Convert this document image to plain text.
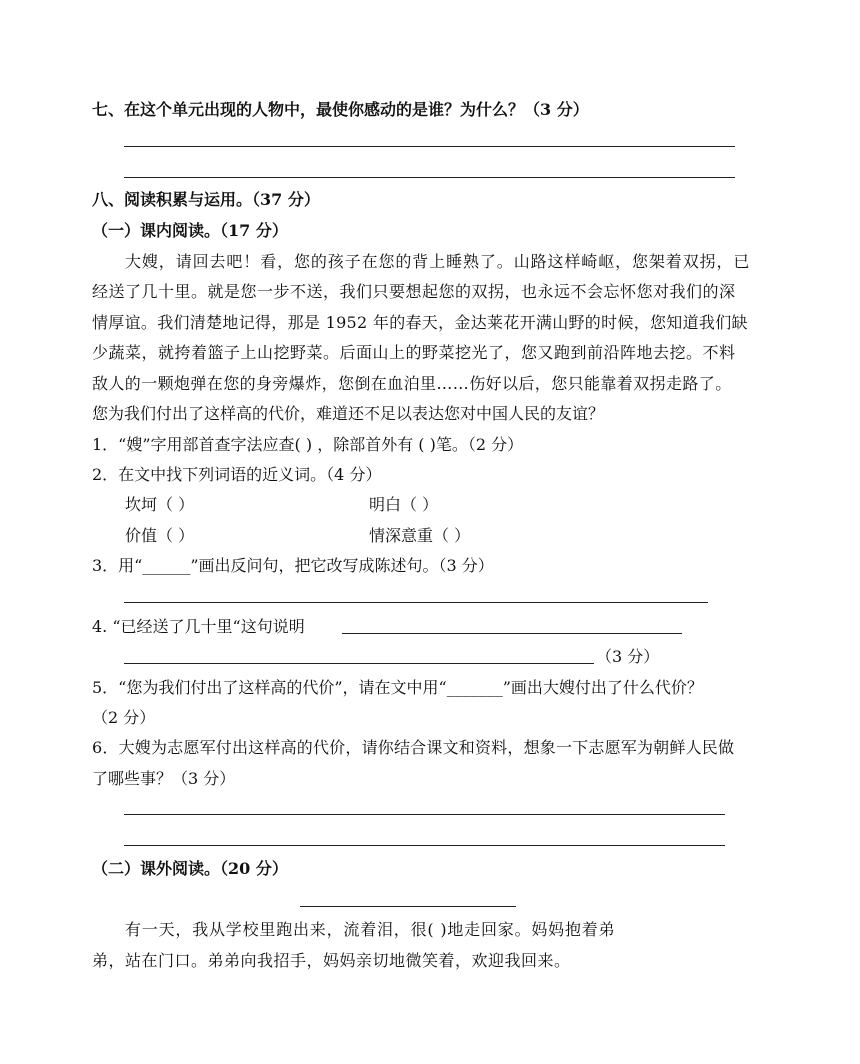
七、在这个单元出现的人物中，最使你感动的是谁？为什么？（3 分）
八、阅读积累与运用。（37 分）
（一）课内阅读。（17 分）
大嫂，请回去吧！看，您的孩子在您的背上睡熟了。山路这样崎岖，您架着双拐，已
经送了几十里。就是您一步不送，我们只要想起您的双拐，也永远不会忘怀您对我们的深
情厚谊。我们清楚地记得，那是 1952 年的春天，金达莱花开满山野的时候，您知道我们缺
少蔬菜，就挎着篮子上山挖野菜。后面山上的野菜挖光了，您又跑到前沿阵地去挖。不料
敌人的一颗炮弹在您的身旁爆炸，您倒在血泊里……伤好以后，您只能靠着双拐走路了。
您为我们付出了这样高的代价，难道还不足以表达您对中国人民的友谊？
1．“嫂”字用部首查字法应查( ) ，除部首外有 ( )笔。（2 分）
2．在文中找下列词语的近义词。（4 分）
坎坷（ ）	明白（ ）
价值（ ）	情深意重（ ）
3．用“______”画出反问句，把它改写成陈述句。（3 分）
4. “已经送了几十里“这句说明
（3 分）
5．“您为我们付出了这样高的代价”，请在文中用“_______”画出大嫂付出了什么代价？
（2 分）
6．大嫂为志愿军付出这样高的代价，请你结合课文和资料，想象一下志愿军为朝鲜人民做
了哪些事？（3 分）
（二）课外阅读。（20 分）
有一天，我从学校里跑出来，流着泪，很( )地走回家。妈妈抱着弟
弟，站在门口。弟弟向我招手，妈妈亲切地微笑着，欢迎我回来。
